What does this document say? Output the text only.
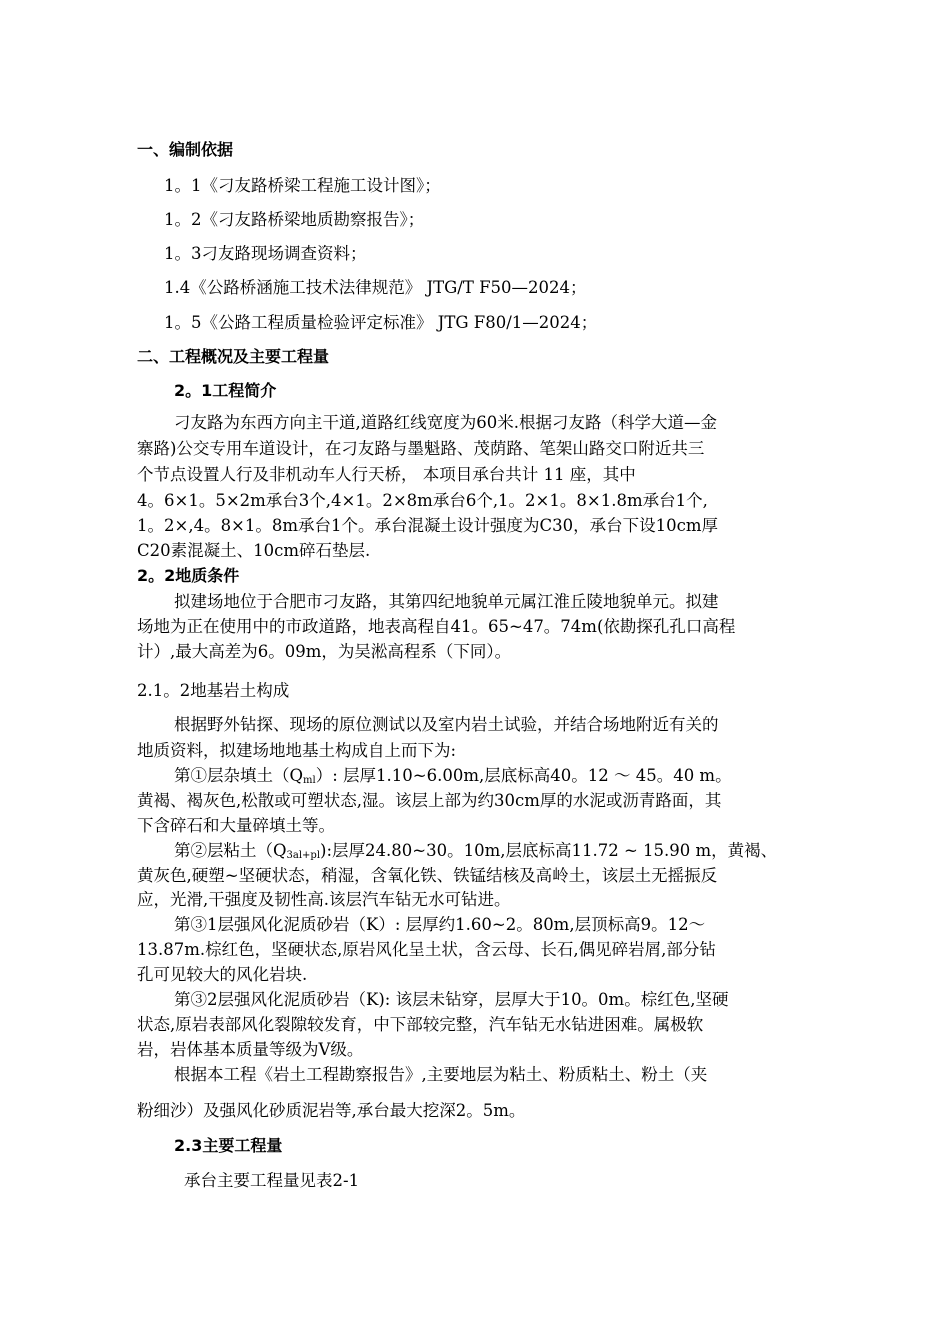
一、编制依据
1。1《刁友路桥梁工程施工设计图》；
1。2《刁友路桥梁地质勘察报告》；
1。3刁友路现场调查资料；
1.4《公路桥涵施工技术法律规范》 JTG/T F50—2024；
1。5《公路工程质量检验评定标准》 JTG F80/1—2024；
二、工程概况及主要工程量
2。1工程简介
刁友路为东西方向主干道,道路红线宽度为60米.根据刁友路（科学大道—金
寨路)公交专用车道设计，在刁友路与墨魁路、茂荫路、笔架山路交口附近共三
个节点设置人行及非机动车人行天桥， 本项目承台共计 11 座，其中
4。6×1。5×2m承台3个,4×1。2×8m承台6个,1。2×1。8×1.8m承台1个,
1。2×,4。8×1。8m承台1个。承台混凝土设计强度为C30，承台下设10cm厚
C20素混凝土、10cm碎石垫层.
2。2地质条件
拟建场地位于合肥市刁友路，其第四纪地貌单元属江淮丘陵地貌单元。拟建
场地为正在使用中的市政道路，地表高程自41。65~47。74m(依勘探孔孔口高程
计）,最大高差为6。09m，为吴淞高程系（下同）。
2.1。2地基岩土构成
根据野外钻探、现场的原位测试以及室内岩土试验，并结合场地附近有关的
地质资料，拟建场地地基土构成自上而下为:
第①层杂填土（Qml）: 层厚1.10~6.00m,层底标高40。12 ～ 45。40 m。
黄褐、褐灰色,松散或可塑状态,湿。该层上部为约30cm厚的水泥或沥青路面，其
下含碎石和大量碎填土等。
第②层粘土（Q3al+pl):层厚24.80~30。10m,层底标高11.72 ~ 15.90 m，黄褐、
黄灰色,硬塑~坚硬状态，稍湿，含氧化铁、铁锰结核及高岭土，该层土无摇振反
应，光滑,干强度及韧性高.该层汽车钻无水可钻进。
第③1层强风化泥质砂岩（K）: 层厚约1.60~2。80m,层顶标高9。12～
13.87m.棕红色，坚硬状态,原岩风化呈土状，含云母、长石,偶见碎岩屑,部分钻
孔可见较大的风化岩块.
第③2层强风化泥质砂岩（K): 该层未钻穿，层厚大于10。0m。棕红色,坚硬
状态,原岩表部风化裂隙较发育，中下部较完整，汽车钻无水钻进困难。属极软
岩，岩体基本质量等级为Ⅴ级。
根据本工程《岩土工程勘察报告》,主要地层为粘土、粉质粘土、粉土（夹
粉细沙）及强风化砂质泥岩等,承台最大挖深2。5m。
2.3主要工程量
承台主要工程量见表2-1
